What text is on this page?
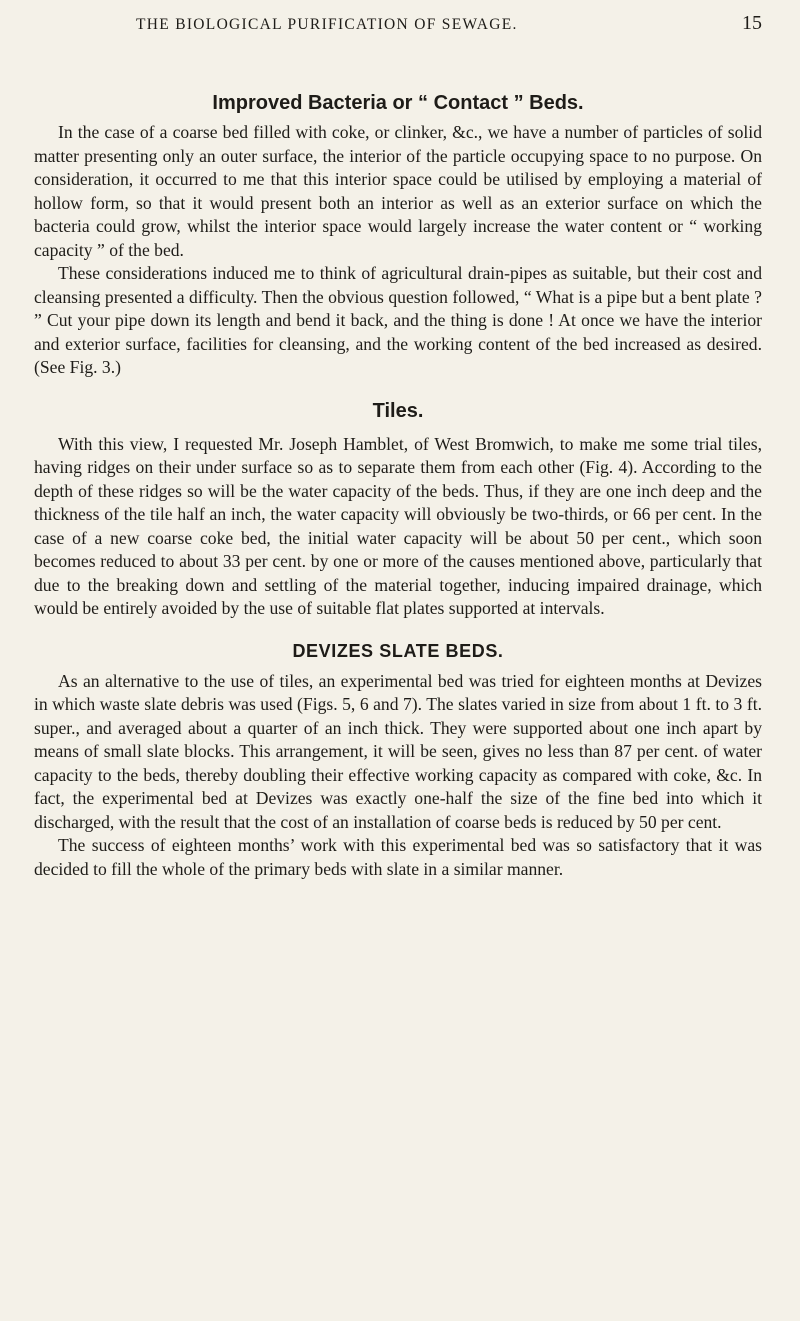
THE BIOLOGICAL PURIFICATION OF SEWAGE.	15
Improved Bacteria or “ Contact ” Beds.

In the case of a coarse bed filled with coke, or clinker, &c., we have a number of particles of solid matter presenting only an outer surface, the interior of the particle occupying space to no purpose. On consideration, it occurred to me that this interior space could be utilised by employing a material of hollow form, so that it would present both an interior as well as an exterior surface on which the bacteria could grow, whilst the interior space would largely increase the water content or “ working capacity ” of the bed.

These considerations induced me to think of agricultural drain-pipes as suitable, but their cost and cleansing presented a difficulty. Then the obvious question followed, “ What is a pipe but a bent plate ? ” Cut your pipe down its length and bend it back, and the thing is done ! At once we have the interior and exterior surface, facilities for cleansing, and the working content of the bed increased as desired. (See Fig. 3.)

Tiles.

With this view, I requested Mr. Joseph Hamblet, of West Bromwich, to make me some trial tiles, having ridges on their under surface so as to separate them from each other (Fig. 4). According to the depth of these ridges so will be the water capacity of the beds. Thus, if they are one inch deep and the thickness of the tile half an inch, the water capacity will obviously be two-thirds, or 66 per cent. In the case of a new coarse coke bed, the initial water capacity will be about 50 per cent., which soon becomes reduced to about 33 per cent. by one or more of the causes mentioned above, particularly that due to the breaking down and settling of the material together, inducing impaired drainage, which would be entirely avoided by the use of suitable flat plates supported at intervals.

DEVIZES SLATE BEDS.

As an alternative to the use of tiles, an experimental bed was tried for eighteen months at Devizes in which waste slate debris was used (Figs. 5, 6 and 7). The slates varied in size from about 1 ft. to 3 ft. super., and averaged about a quarter of an inch thick. They were supported about one inch apart by means of small slate blocks. This arrangement, it will be seen, gives no less than 87 per cent. of water capacity to the beds, thereby doubling their effective working capacity as compared with coke, &c. In fact, the experimental bed at Devizes was exactly one-half the size of the fine bed into which it discharged, with the result that the cost of an installation of coarse beds is reduced by 50 per cent.

The success of eighteen months’ work with this experimental bed was so satisfactory that it was decided to fill the whole of the primary beds with slate in a similar manner.
